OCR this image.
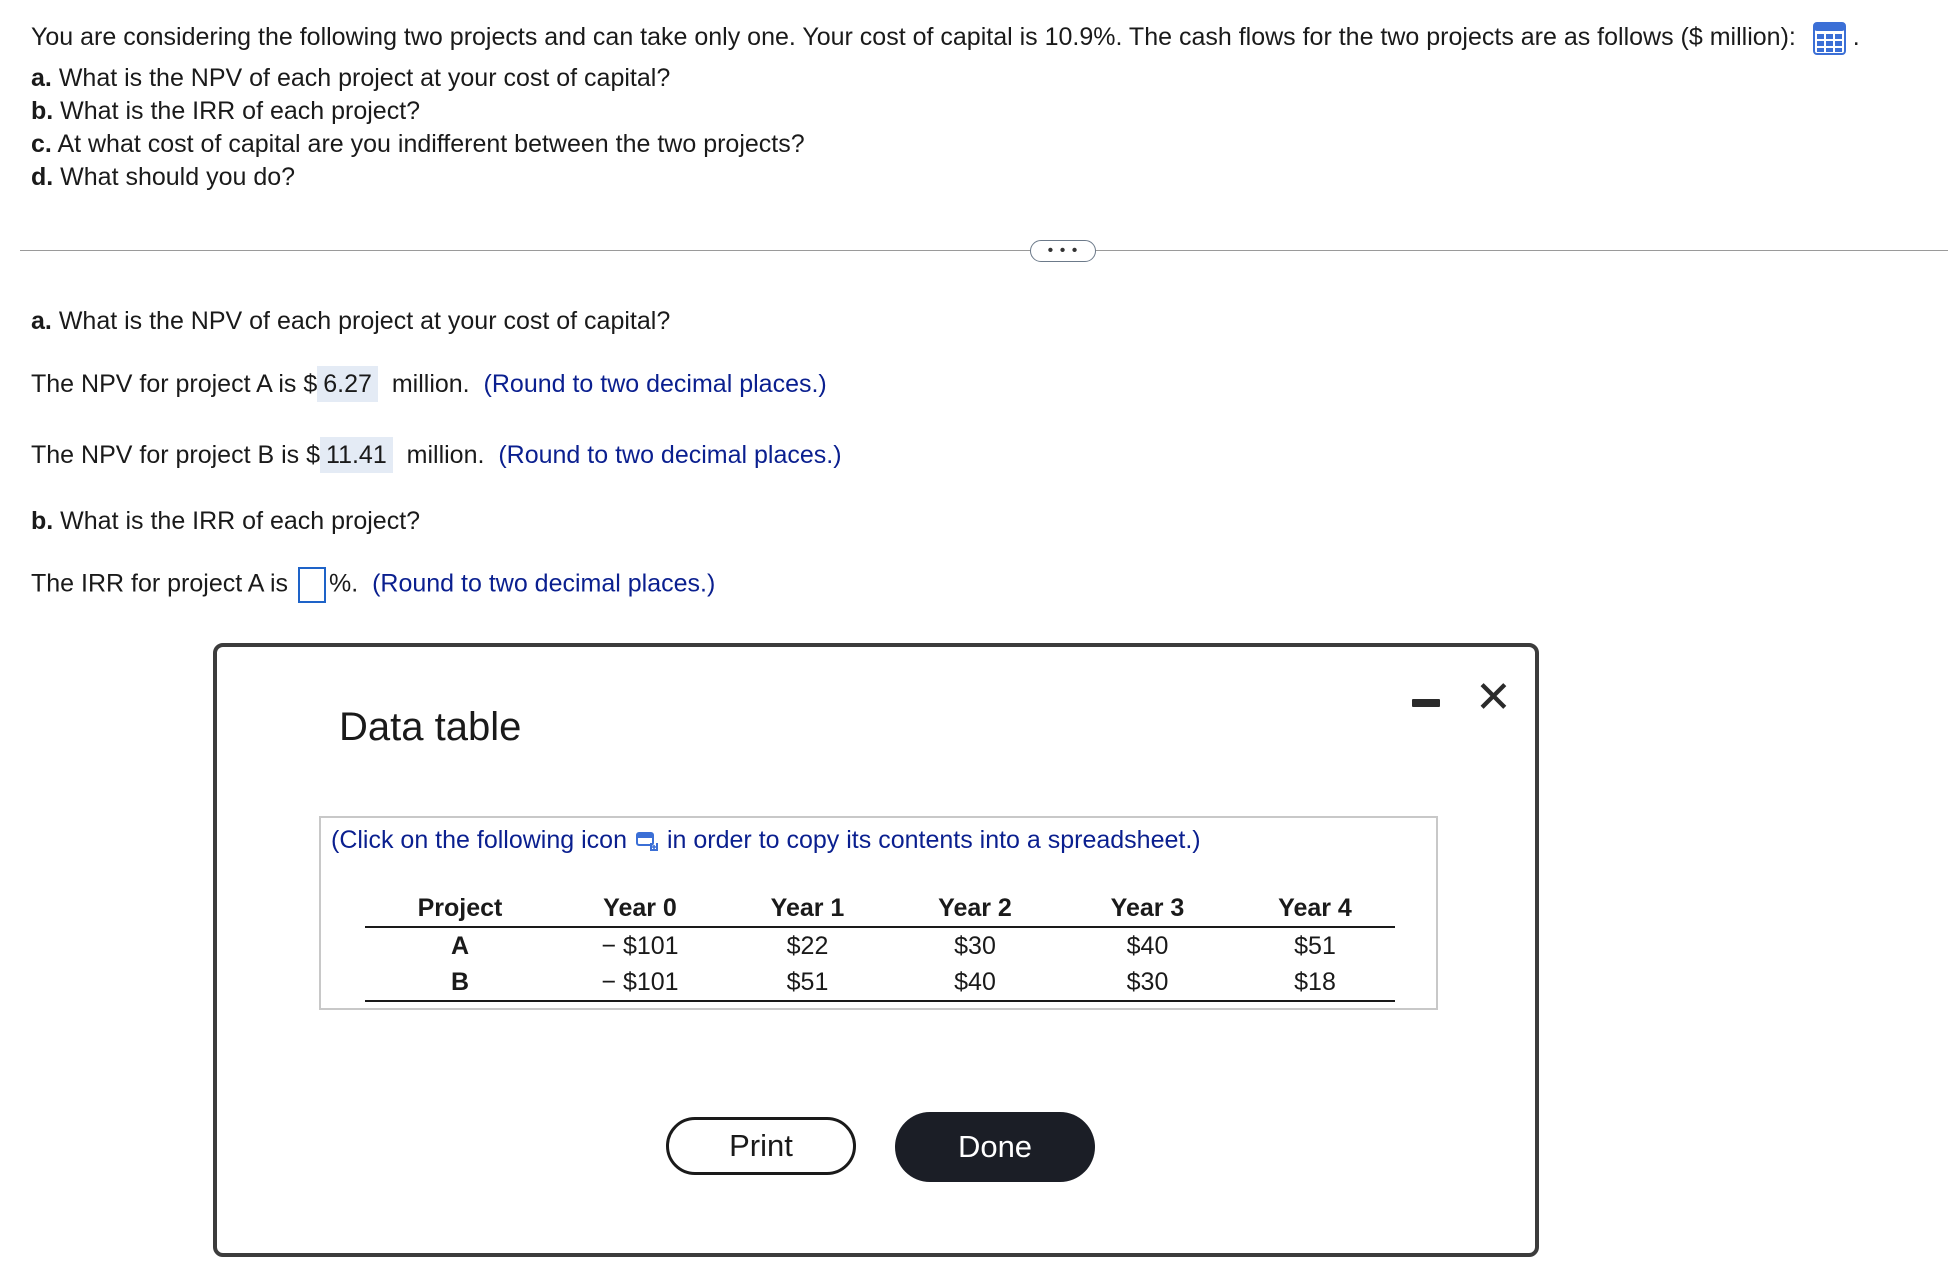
You are considering the following two projects and can take only one. Your cost of capital is 10.9%. The cash flows for the two projects are as follows ($ million): .
a. What is the NPV of each project at your cost of capital?
b. What is the IRR of each project?
c. At what cost of capital are you indifferent between the two projects?
d. What should you do?
• • •
a. What is the NPV of each project at your cost of capital?
The NPV for project A is $ 6.27 million. (Round to two decimal places.)
The NPV for project B is $ 11.41 million. (Round to two decimal places.)
b. What is the IRR of each project?
The IRR for project A is %. (Round to two decimal places.)
Data table
✕
(Click on the following icon in order to copy its contents into a spreadsheet.)
Project	Year 0	Year 1	Year 2	Year 3	Year 4
A	− $101	$22	$30	$40	$51
B	− $101	$51	$40	$30	$18
Print	Done
